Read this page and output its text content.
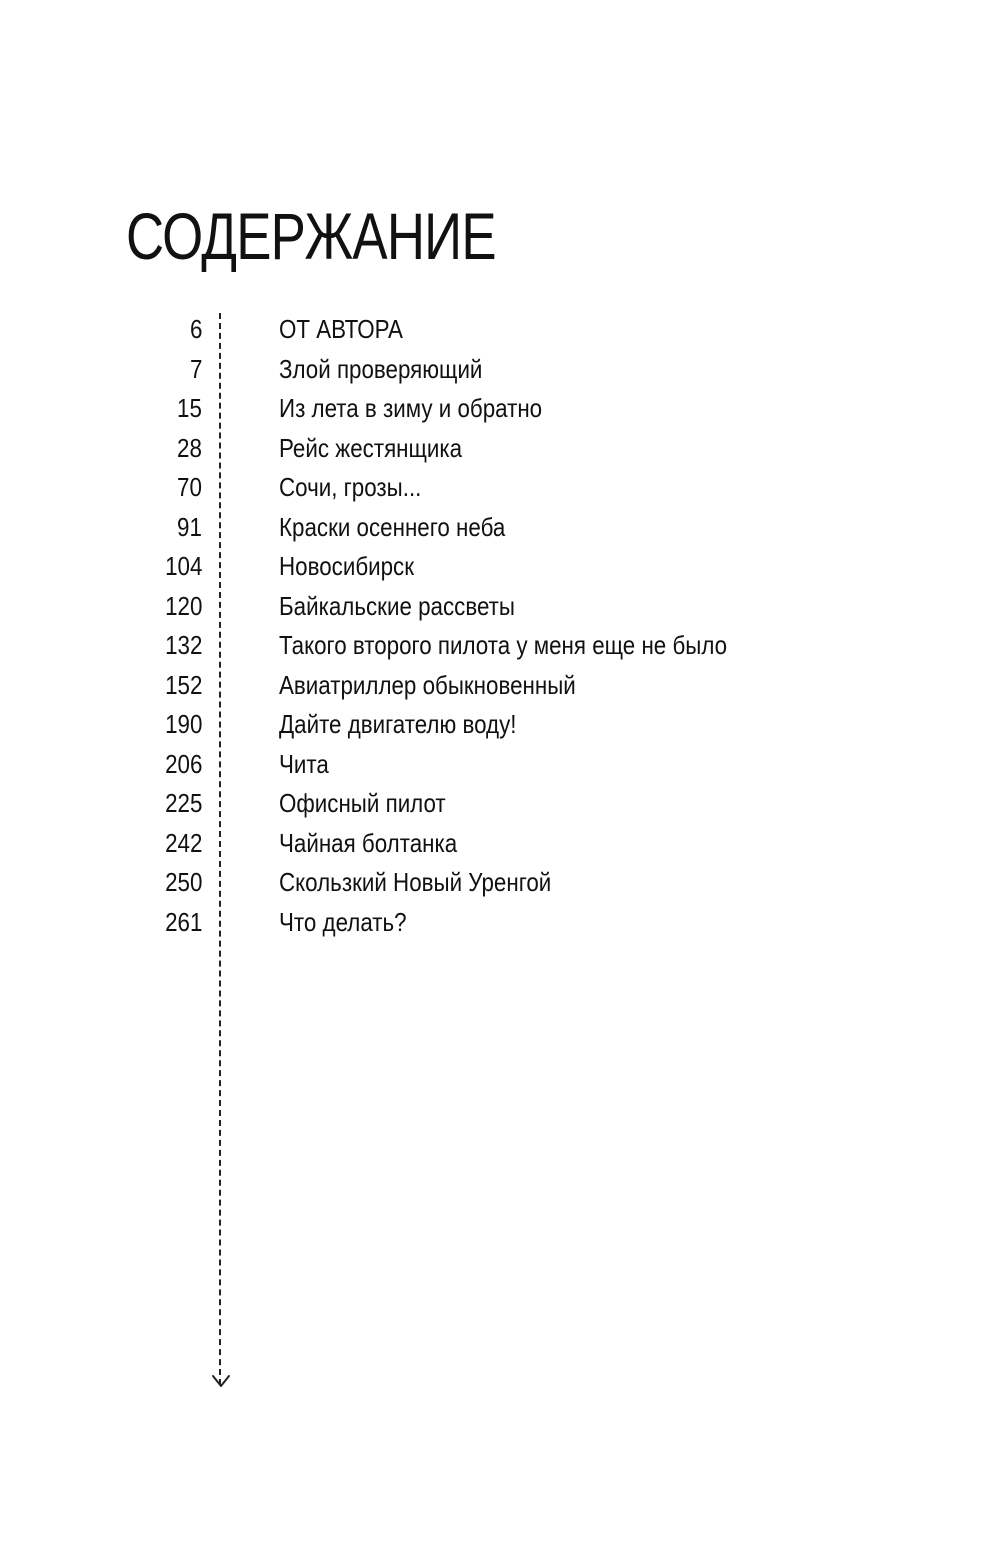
СОДЕРЖАНИЕ
6	ОТ АВТОРА
7	Злой проверяющий
15	Из лета в зиму и обратно
28	Рейс жестянщика
70	Сочи, грозы...
91	Краски осеннего неба
104	Новосибирск
120	Байкальские рассветы
132	Такого второго пилота у меня еще не было
152	Авиатриллер обыкновенный
190	Дайте двигателю воду!
206	Чита
225	Офисный пилот
242	Чайная болтанка
250	Скользкий Новый Уренгой
261	Что делать?
